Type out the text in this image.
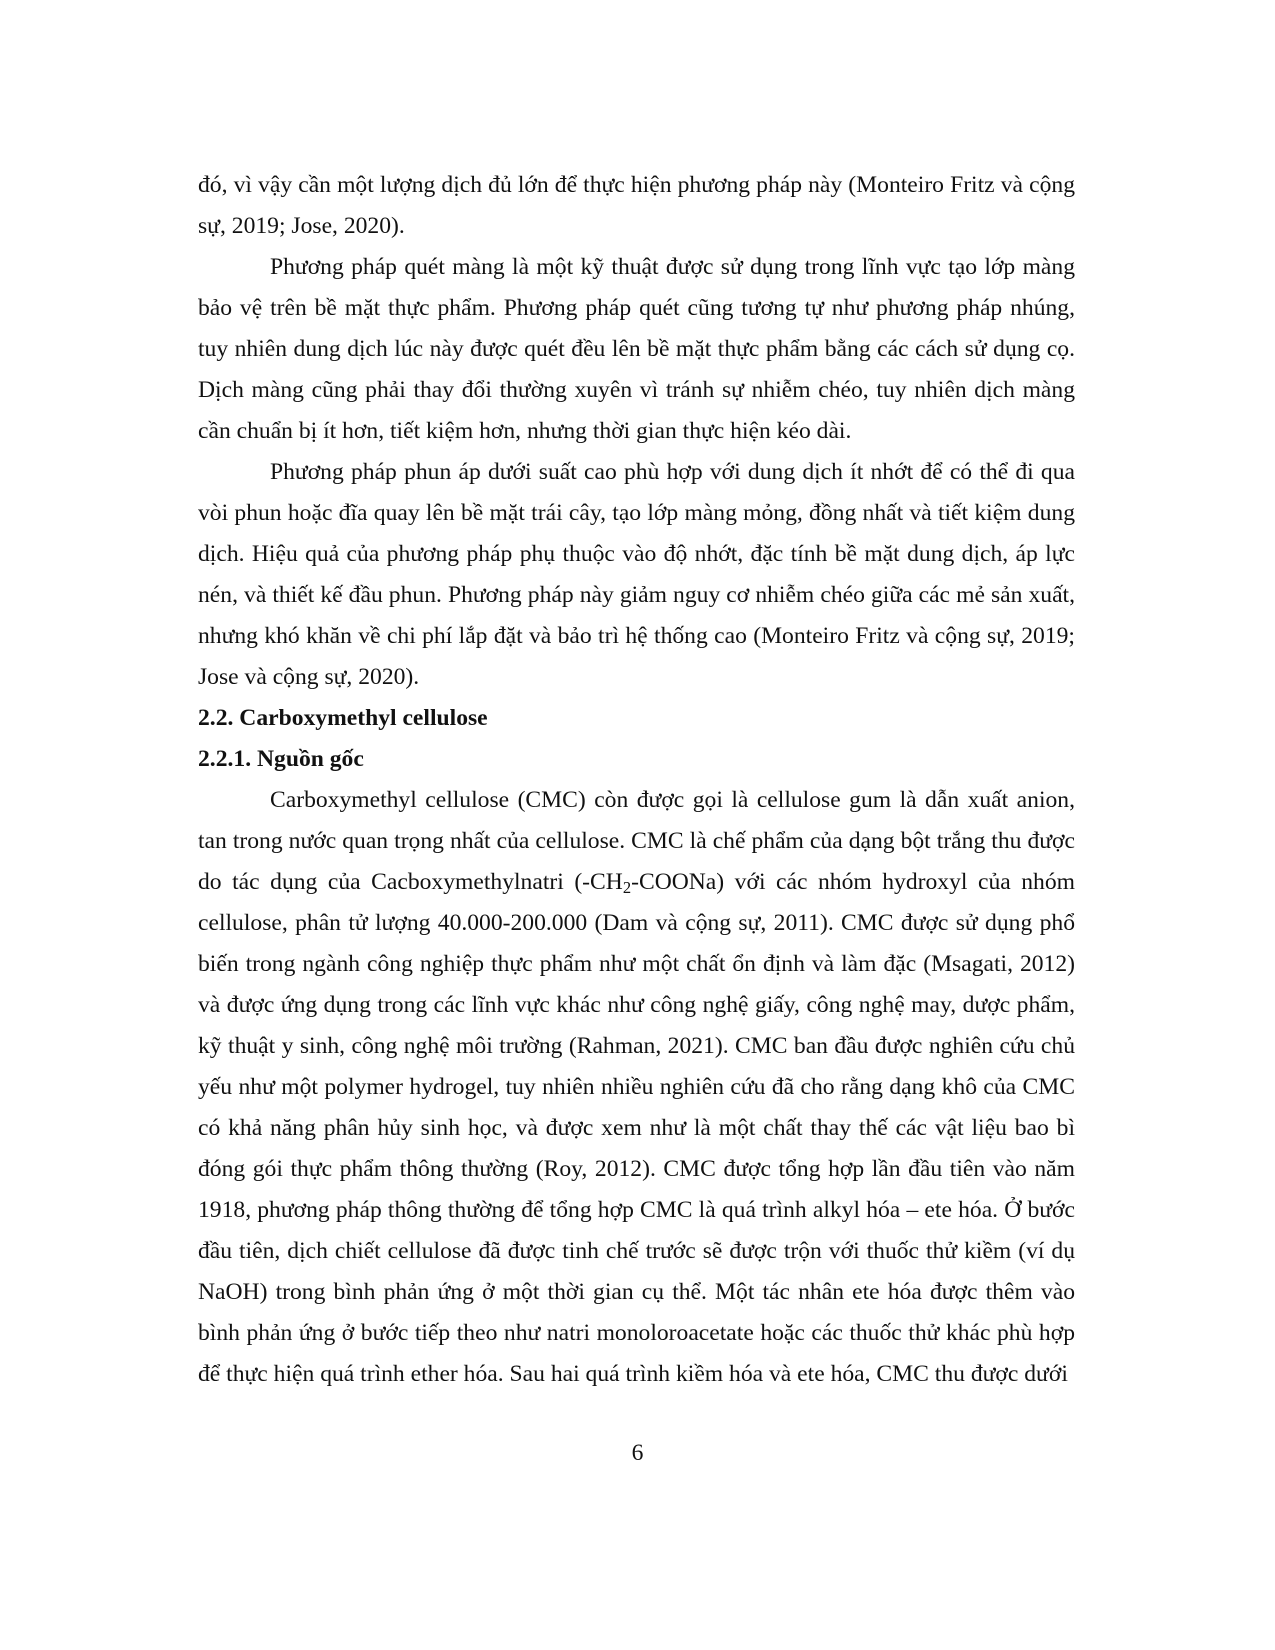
đó, vì vậy cần một lượng dịch đủ lớn để thực hiện phương pháp này (Monteiro Fritz và cộng sự, 2019; Jose, 2020).

Phương pháp quét màng là một kỹ thuật được sử dụng trong lĩnh vực tạo lớp màng bảo vệ trên bề mặt thực phẩm. Phương pháp quét cũng tương tự như phương pháp nhúng, tuy nhiên dung dịch lúc này được quét đều lên bề mặt thực phẩm bằng các cách sử dụng cọ. Dịch màng cũng phải thay đổi thường xuyên vì tránh sự nhiễm chéo, tuy nhiên dịch màng cần chuẩn bị ít hơn, tiết kiệm hơn, nhưng thời gian thực hiện kéo dài.

Phương pháp phun áp dưới suất cao phù hợp với dung dịch ít nhớt để có thể đi qua vòi phun hoặc đĩa quay lên bề mặt trái cây, tạo lớp màng mỏng, đồng nhất và tiết kiệm dung dịch. Hiệu quả của phương pháp phụ thuộc vào độ nhớt, đặc tính bề mặt dung dịch, áp lực nén, và thiết kế đầu phun. Phương pháp này giảm nguy cơ nhiễm chéo giữa các mẻ sản xuất, nhưng khó khăn về chi phí lắp đặt và bảo trì hệ thống cao (Monteiro Fritz và cộng sự, 2019; Jose và cộng sự, 2020).

2.2. Carboxymethyl cellulose
2.2.1. Nguồn gốc

Carboxymethyl cellulose (CMC) còn được gọi là cellulose gum là dẫn xuất anion, tan trong nước quan trọng nhất của cellulose. CMC là chế phẩm của dạng bột trắng thu được do tác dụng của Cacboxymethylnatri $(-CH_2-COONa)$ với các nhóm hydroxyl của nhóm cellulose, phân tử lượng 40.000-200.000 (Dam và cộng sự, 2011). CMC được sử dụng phổ biến trong ngành công nghiệp thực phẩm như một chất ổn định và làm đặc (Msagati, 2012) và được ứng dụng trong các lĩnh vực khác như công nghệ giấy, công nghệ may, dược phẩm, kỹ thuật y sinh, công nghệ môi trường (Rahman, 2021). CMC ban đầu được nghiên cứu chủ yếu như một polymer hydrogel, tuy nhiên nhiều nghiên cứu đã cho rằng dạng khô của CMC có khả năng phân hủy sinh học, và được xem như là một chất thay thế các vật liệu bao bì đóng gói thực phẩm thông thường (Roy, 2012). CMC được tổng hợp lần đầu tiên vào năm 1918, phương pháp thông thường để tổng hợp CMC là quá trình alkyl hóa – ete hóa. Ở bước đầu tiên, dịch chiết cellulose đã được tinh chế trước sẽ được trộn với thuốc thử kiềm (ví dụ NaOH) trong bình phản ứng ở một thời gian cụ thể. Một tác nhân ete hóa được thêm vào bình phản ứng ở bước tiếp theo như natri monoloroacetate hoặc các thuốc thử khác phù hợp để thực hiện quá trình ether hóa. Sau hai quá trình kiềm hóa và ete hóa, CMC thu được dưới

6
